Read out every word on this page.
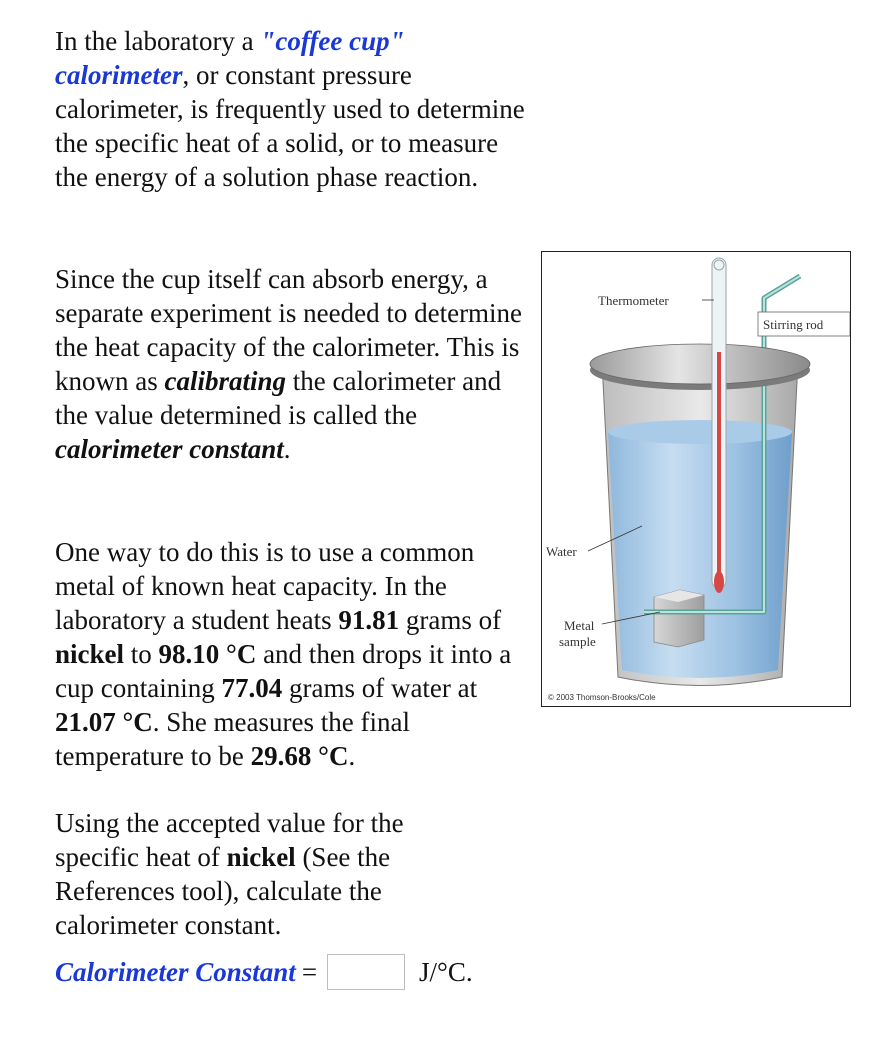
In the laboratory a "coffee cup" calorimeter, or constant pressure calorimeter, is frequently used to determine the specific heat of a solid, or to measure the energy of a solution phase reaction.

Since the cup itself can absorb energy, a separate experiment is needed to determine the heat capacity of the calorimeter. This is known as calibrating the calorimeter and the value determined is called the calorimeter constant.

One way to do this is to use a common metal of known heat capacity. In the laboratory a student heats 91.81 grams of nickel to 98.10 °C and then drops it into a cup containing 77.04 grams of water at 21.07 °C. She measures the final temperature to be 29.68 °C.

Using the accepted value for the specific heat of nickel (See the References tool), calculate the calorimeter constant.

Calorimeter Constant =	J/°C.
Thermometer
Stirring rod
Water
Metal
sample
© 2003 Thomson-Brooks/Cole
